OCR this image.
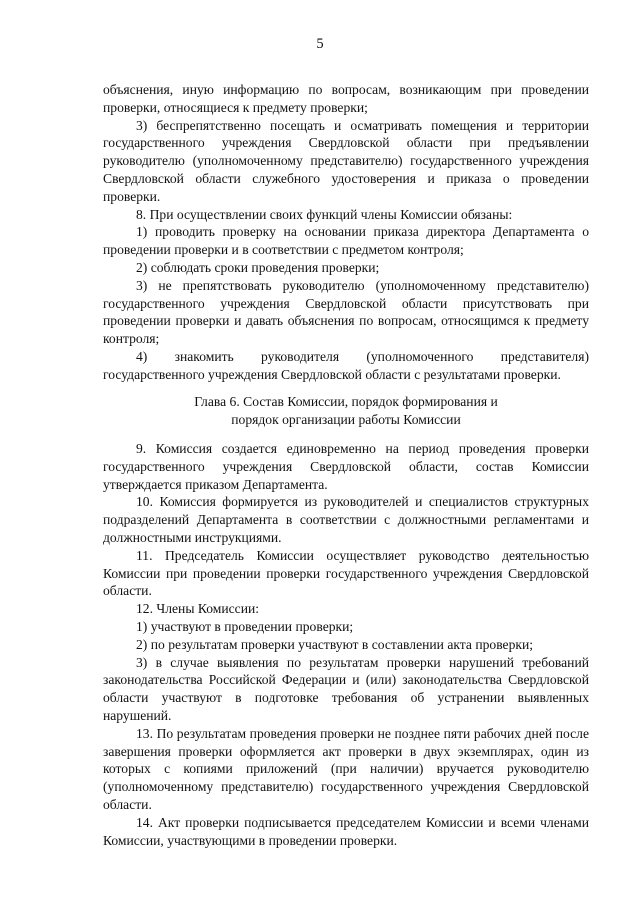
5

объяснения, иную информацию по вопросам, возникающим при проведении проверки, относящиеся к предмету проверки;

3) беспрепятственно посещать и осматривать помещения и территории государственного учреждения Свердловской области при предъявлении руководителю (уполномоченному представителю) государственного учреждения Свердловской области служебного удостоверения и приказа о проведении проверки.

8. При осуществлении своих функций члены Комиссии обязаны:

1) проводить проверку на основании приказа директора Департамента о проведении проверки и в соответствии с предметом контроля;

2) соблюдать сроки проведения проверки;

3) не препятствовать руководителю (уполномоченному представителю) государственного учреждения Свердловской области присутствовать при проведении проверки и давать объяснения по вопросам, относящимся к предмету контроля;

4) знакомить руководителя (уполномоченного представителя) государственного учреждения Свердловской области с результатами проверки.

Глава 6. Состав Комиссии, порядок формирования и

порядок организации работы Комиссии

9. Комиссия создается единовременно на период проведения проверки государственного учреждения Свердловской области, состав Комиссии утверждается приказом Департамента.

10. Комиссия формируется из руководителей и специалистов структурных подразделений Департамента в соответствии с должностными регламентами и должностными инструкциями.

11. Председатель Комиссии осуществляет руководство деятельностью Комиссии при проведении проверки государственного учреждения Свердловской области.

12. Члены Комиссии:

1) участвуют в проведении проверки;

2) по результатам проверки участвуют в составлении акта проверки;

3) в случае выявления по результатам проверки нарушений требований законодательства Российской Федерации и (или) законодательства Свердловской области участвуют в подготовке требования об устранении выявленных нарушений.

13. По результатам проведения проверки не позднее пяти рабочих дней после завершения проверки оформляется акт проверки в двух экземплярах, один из которых с копиями приложений (при наличии) вручается руководителю (уполномоченному представителю) государственного учреждения Свердловской области.

14. Акт проверки подписывается председателем Комиссии и всеми членами Комиссии, участвующими в проведении проверки.
